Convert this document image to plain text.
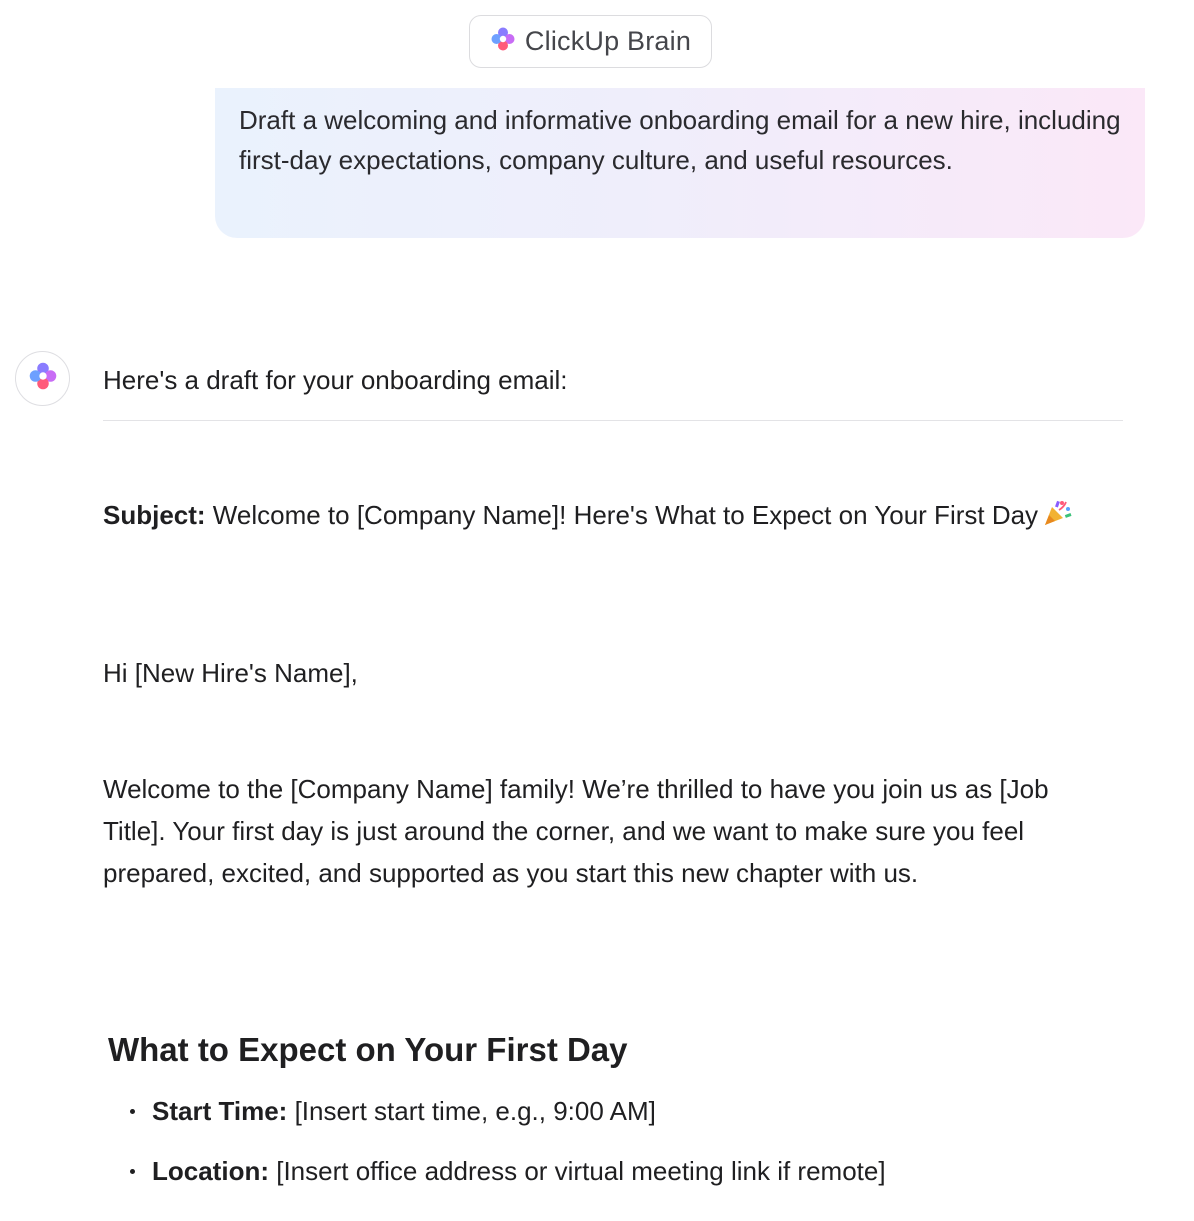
ClickUp Brain

Draft a welcoming and informative onboarding email for a new hire, including first-day expectations, company culture, and useful resources.

Here's a draft for your onboarding email:

Subject: Welcome to [Company Name]! Here's What to Expect on Your First Day

Hi [New Hire's Name],

Welcome to the [Company Name] family! We’re thrilled to have you join us as [Job Title]. Your first day is just around the corner, and we want to make sure you feel prepared, excited, and supported as you start this new chapter with us.

What to Expect on Your First Day
Start Time: [Insert start time, e.g., 9:00 AM]
Location: [Insert office address or virtual meeting link if remote]
